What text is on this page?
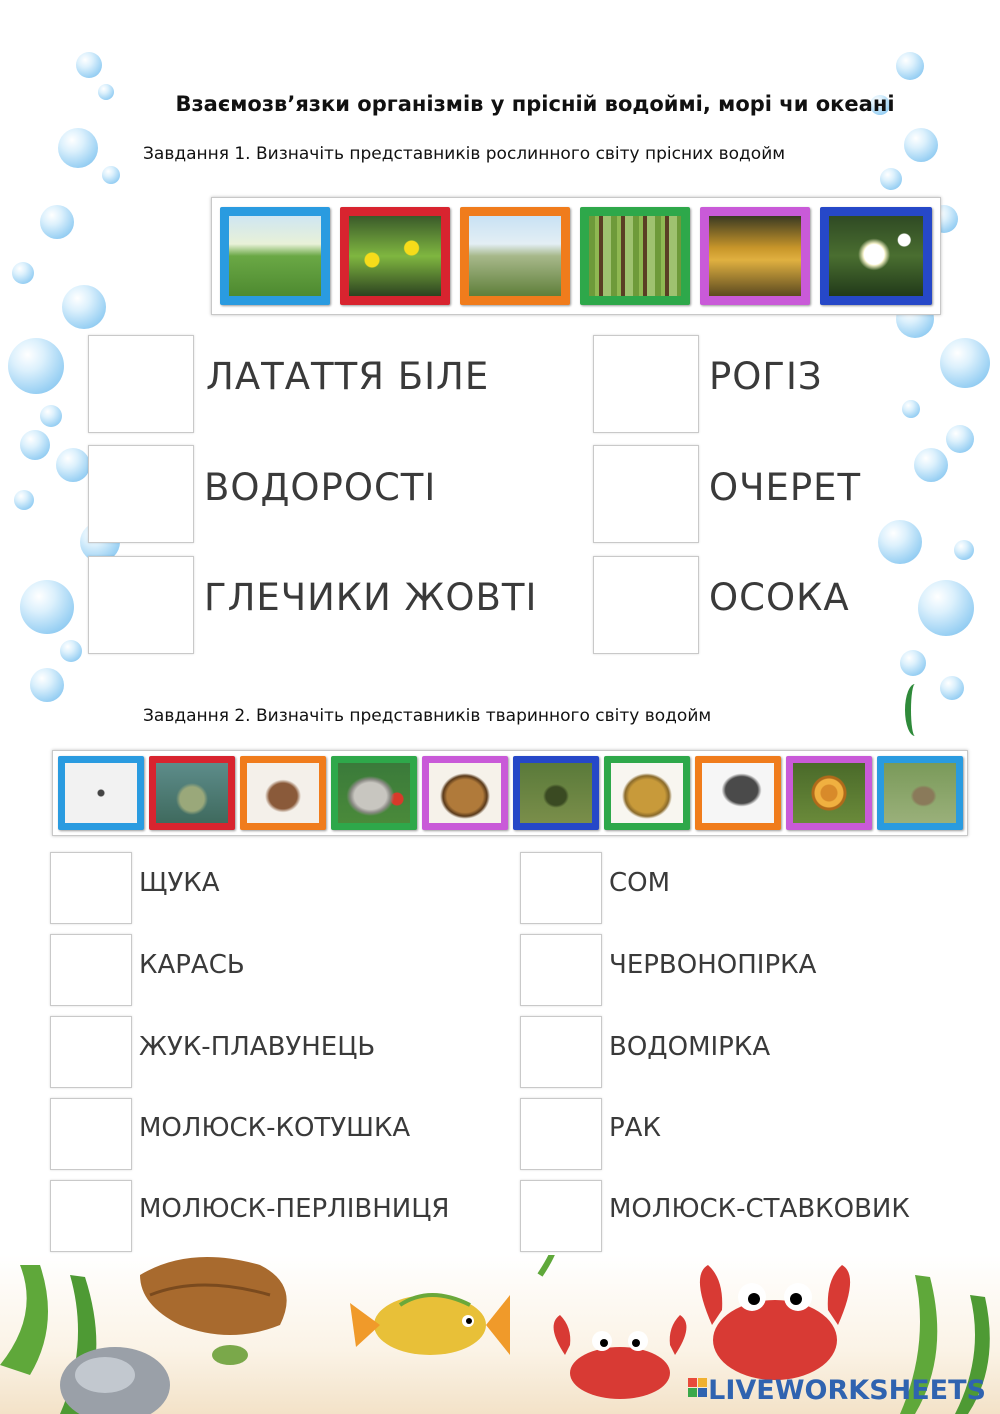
Взаємозв’язки організмів у прісній водоймі, морі чи океані
Завдання 1. Визначіть представників рослинного світу прісних водойм
ЛАТАТТЯ БІЛЕ
ВОДОРОСТІ
ГЛЕЧИКИ ЖОВТІ
РОГІЗ
ОЧЕРЕТ
ОСОКА
Завдання 2. Визначіть представників тваринного світу водойм
ЩУКА
КАРАСЬ
ЖУК-ПЛАВУНЕЦЬ
МОЛЮСК-КОТУШКА
МОЛЮСК-ПЕРЛІВНИЦЯ
СОМ
ЧЕРВОНОПІРКА
ВОДОМІРКА
РАК
МОЛЮСК-СТАВКОВИК
LIVEWORKSHEETS
